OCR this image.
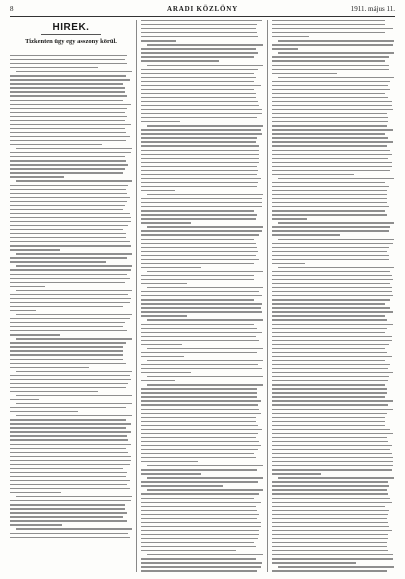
8	ARADI KÖZLÖNY	1911. május 11.
HIREK.
Tizkenten ügy egy asszony körül.
